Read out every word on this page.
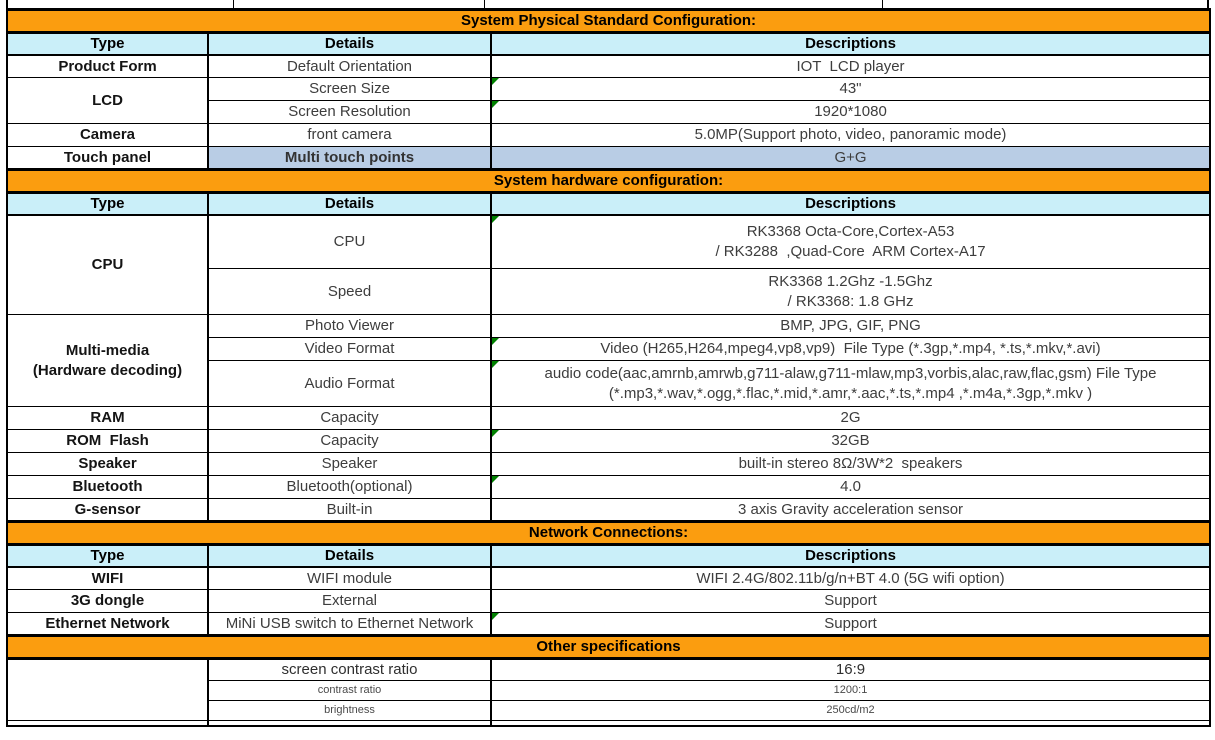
System Physical Standard Configuration:		
Type	Details	Descriptions
Product Form	Default Orientation	IOT  LCD player
LCD	Screen Size	43"
	Screen Resolution	1920*1080
Camera	front camera	5.0MP(Support photo, video, panoramic mode)
Touch panel	Multi touch points	G+G
System hardware configuration:		
Type	Details	Descriptions
CPU	CPU	RK3368 Octa-Core,Cortex-A53
/ RK3288  ,Quad-Core  ARM Cortex-A17

	Speed	RK3368 1.2Ghz -1.5Ghz
/ RK3368: 1.8 GHz

Multi-media
(Hardware decoding)	Photo Viewer	BMP, JPG, GIF, PNG
	Video Format	Video (H265,H264,mpeg4,vp8,vp9)  File Type (*.3gp,*.mp4, *.ts,*.mkv,*.avi)
	Audio Format	audio code(aac,amrnb,amrwb,g711-alaw,g711-mlaw,mp3,vorbis,alac,raw,flac,gsm) File Type
(*.mp3,*.wav,*.ogg,*.flac,*.mid,*.amr,*.aac,*.ts,*.mp4 ,*.m4a,*.3gp,*.mkv )

RAM	Capacity	2G
ROM  Flash	Capacity	32GB
Speaker	Speaker	built-in stereo 8Ω/3W*2  speakers
Bluetooth	Bluetooth(optional)	4.0
G-sensor	Built-in	3 axis Gravity acceleration sensor
Network Connections:		
Type	Details	Descriptions
WIFI	WIFI module	WIFI 2.4G/802.11b/g/n+BT 4.0 (5G wifi option)
3G dongle	External	Support
Ethernet Network	MiNi USB switch to Ethernet Network	Support
Other specifications		
	screen contrast ratio	16:9
	contrast ratio	1200:1
	brightness	250cd/m2
